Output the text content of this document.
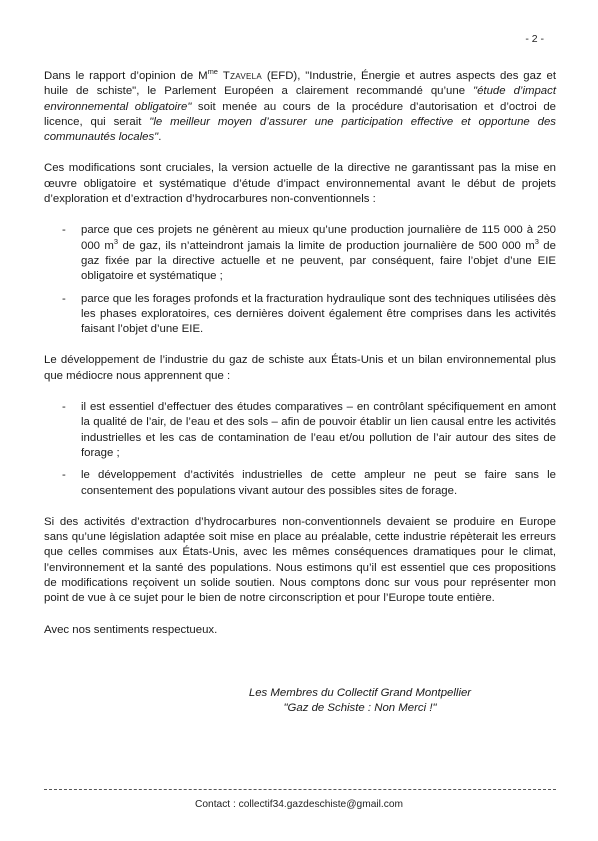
- 2 -

Dans le rapport d’opinion de $M^{me}$ Tzavela (EFD), "Industrie, Énergie et autres aspects des gaz et huile de schiste", le Parlement Européen a clairement recommandé qu’une "étude d’impact environnemental obligatoire" soit menée au cours de la procédure d’autorisation et d’octroi de licence, qui serait "le meilleur moyen d’assurer une participation effective et opportune des communautés locales".

Ces modifications sont cruciales, la version actuelle de la directive ne garantissant pas la mise en œuvre obligatoire et systématique d’étude d’impact environnemental avant le début de projets d’exploration et d’extraction d’hydrocarbures non-conventionnels :

- parce que ces projets ne génèrent au mieux qu’une production journalière de 115 000 à 250 000 $m^3$ de gaz, ils n’atteindront jamais la limite de production journalière de 500 000 $m^3$ de gaz fixée par la directive actuelle et ne peuvent, par conséquent, faire l’objet d’une EIE obligatoire et systématique ;
- parce que les forages profonds et la fracturation hydraulique sont des techniques utilisées dès les phases exploratoires, ces dernières doivent également être comprises dans les activités faisant l’objet d’une EIE.

Le développement de l’industrie du gaz de schiste aux États-Unis et un bilan environnemental plus que médiocre nous apprennent que :

- il est essentiel d’effectuer des études comparatives – en contrôlant spécifiquement en amont la qualité de l’air, de l’eau et des sols – afin de pouvoir établir un lien causal entre les activités industrielles et les cas de contamination de l’eau et/ou pollution de l’air autour des sites de forage ;
- le développement d’activités industrielles de cette ampleur ne peut se faire sans le consentement des populations vivant autour des possibles sites de forage.

Si des activités d’extraction d’hydrocarbures non-conventionnels devaient se produire en Europe sans qu’une législation adaptée soit mise en place au préalable, cette industrie répèterait les erreurs que celles commises aux États-Unis, avec les mêmes conséquences dramatiques pour le climat, l’environnement et la santé des populations. Nous estimons qu’il est essentiel que ces propositions de modifications reçoivent un solide soutien. Nous comptons donc sur vous pour représenter mon point de vue à ce sujet pour le bien de notre circonscription et pour l’Europe toute entière.

Avec nos sentiments respectueux.

Les Membres du Collectif Grand Montpellier
"Gaz de Schiste : Non Merci !"
Contact : collectif34.gazdeschiste@gmail.com
